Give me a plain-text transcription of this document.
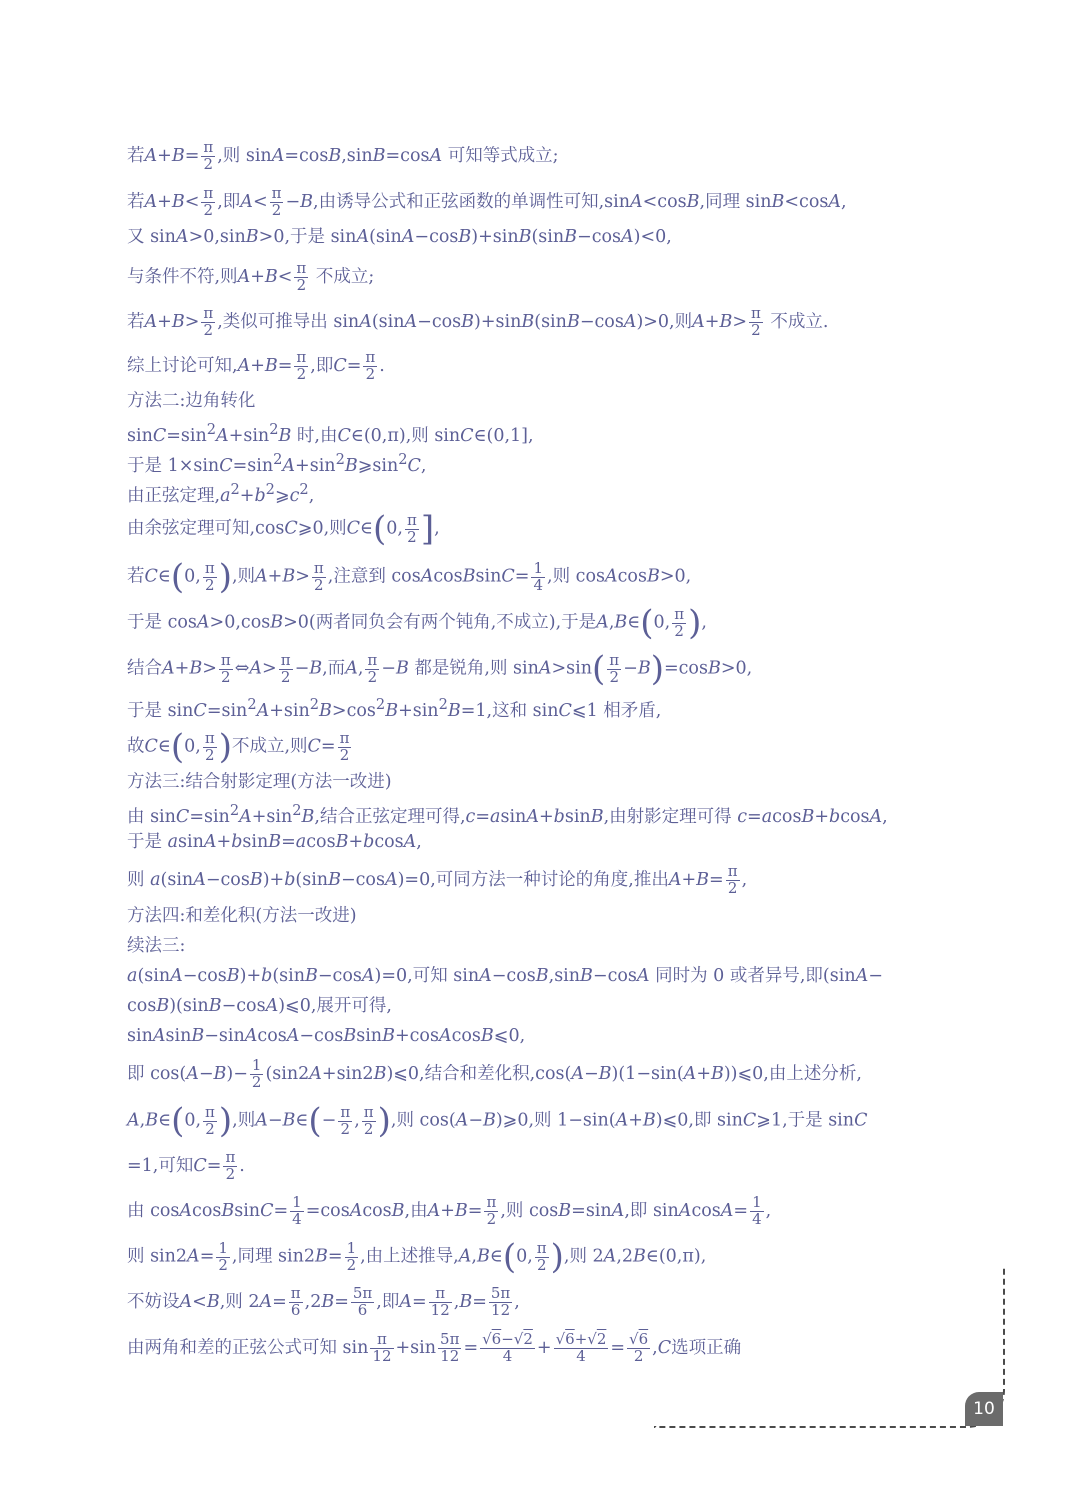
若$A+B= \frac{\pi}{2}$ ,则 sinA=cosB,sinB=cosA 可知等式成立;
若$A+B< \frac{\pi}{2}$ ,即$A< \frac{\pi}{2} -B$,由诱导公式和正弦函数的单调性可知,sinA<cosB,同理 sinB<cosA,
又 sinA>0,sinB>0,于是 sinA(sinA−cosB)+sinB(sinB−cosA)<0,
与条件不符,则$A+B< \frac{\pi}{2}$ 不成立;
若$A+B> \frac{\pi}{2}$ ,类似可推导出 sinA(sinA−cosB)+sinB(sinB−cosA)>0,则$A+B> \frac{\pi}{2}$ 不成立.
综上讨论可知$,A+B= \frac{\pi}{2}$ ,即$C= \frac{\pi}{2}$ .
方法二:边角转化
$\sin C=\sin^2A+\sin^2B$ 时,由C∈(0,π),则 sinC∈(0,1],
于是 $1\times\sin C=\sin^2A+\sin^2B⩾\sin^2C$,
由正弦定理$,a^2+b^2⩾c^2$,
由余弦定理可知,cosC⩾0,则C∈(0, $\frac{\pi}{2}$ ],
若C∈(0, $\frac{\pi}{2}$ ),则$A+B> \frac{\pi}{2}$ ,注意到 cosAcosBsinC= $\frac{1}{4}$ ,则 cosAcosB>0,
于是 cosA>0,cosB>0(两者同负会有两个钝角,不成立),于是A,B∈(0, $\frac{\pi}{2}$ ),
结合$A+B> \frac{\pi}{2}$ ⇔A> $\frac{\pi}{2} -B$,而A, $\frac{\pi}{2} -B$ 都是锐角,则 $\sin A>\sin( \frac{\pi}{2} -B)=\cos B>0$,
于是 $\sin C=\sin^2A+\sin^2B>\cos^2B+\sin^2B=1$,这和 sinC⩽1 相矛盾,
故C∈(0, $\frac{\pi}{2}$ )不成立,则$C= \frac{\pi}{2}$
方法三:结合射影定理(方法一改进)
由 $\sin C=\sin^2A+\sin^2B$,结合正弦定理可得,c=asinA+bsinB,由射影定理可得 c=acosB+bcosA,
于是 asinA+bsinB=acosB+bcosA,
则 a(sinA−cosB)+b(sinB−cosA)=0,可同方法一种讨论的角度,推出$A+B= \frac{\pi}{2}$ ,
方法四:和差化积(方法一改进)
续法三:
a(sinA−cosB)+b(sinB−cosA)=0,可知 sinA−cosB,sinB−cosA 同时为 0 或者异号,即(sinA−
cosB)(sinB−cosA)⩽0,展开可得,
sinAsinB−sinAcosA−cosBsinB+cosAcosB⩽0,
即 $\cos(A-B)- \frac{1}{2}$ (sin2A+sin2B)⩽0,结合和差化积,cos(A−B)(1−sin(A+B))⩽0,由上述分析,
A,B∈(0, $\frac{\pi}{2}$ ),则A−B∈(− $\frac{\pi}{2}$ , $\frac{\pi}{2}$ ),则 cos(A−B)⩾0,则 1−sin(A+B)⩽0,即 sinC⩾1,于是 sinC
=1,可知$C= \frac{\pi}{2}$ .
由 cosAcosBsinC= $\frac{1}{4}$ =cosAcosB,由$A+B= \frac{\pi}{2}$ ,则 cosB=sinA,即 sinAcosA= $\frac{1}{4}$ ,
则 $\sin 2A= \frac{1}{2}$ ,同理 $\sin 2B= \frac{1}{2}$ ,由上述推导,A,B∈(0, $\frac{\pi}{2}$ ),则 2A,2B∈(0,π),
不妨设A<B,则 $2A= \frac{\pi}{6} ,2B= \frac{5\pi}{6}$ ,即$A= \frac{\pi}{12} ,B= \frac{5\pi}{12}$ ,
由两角和差的正弦公式可知 $\sin \frac{\pi}{12} +\sin \frac{5\pi}{12} = \frac{√6-√2}{4} + \frac{√6+√2}{4} = \frac{√6}{2} ,C$选项正确
10
